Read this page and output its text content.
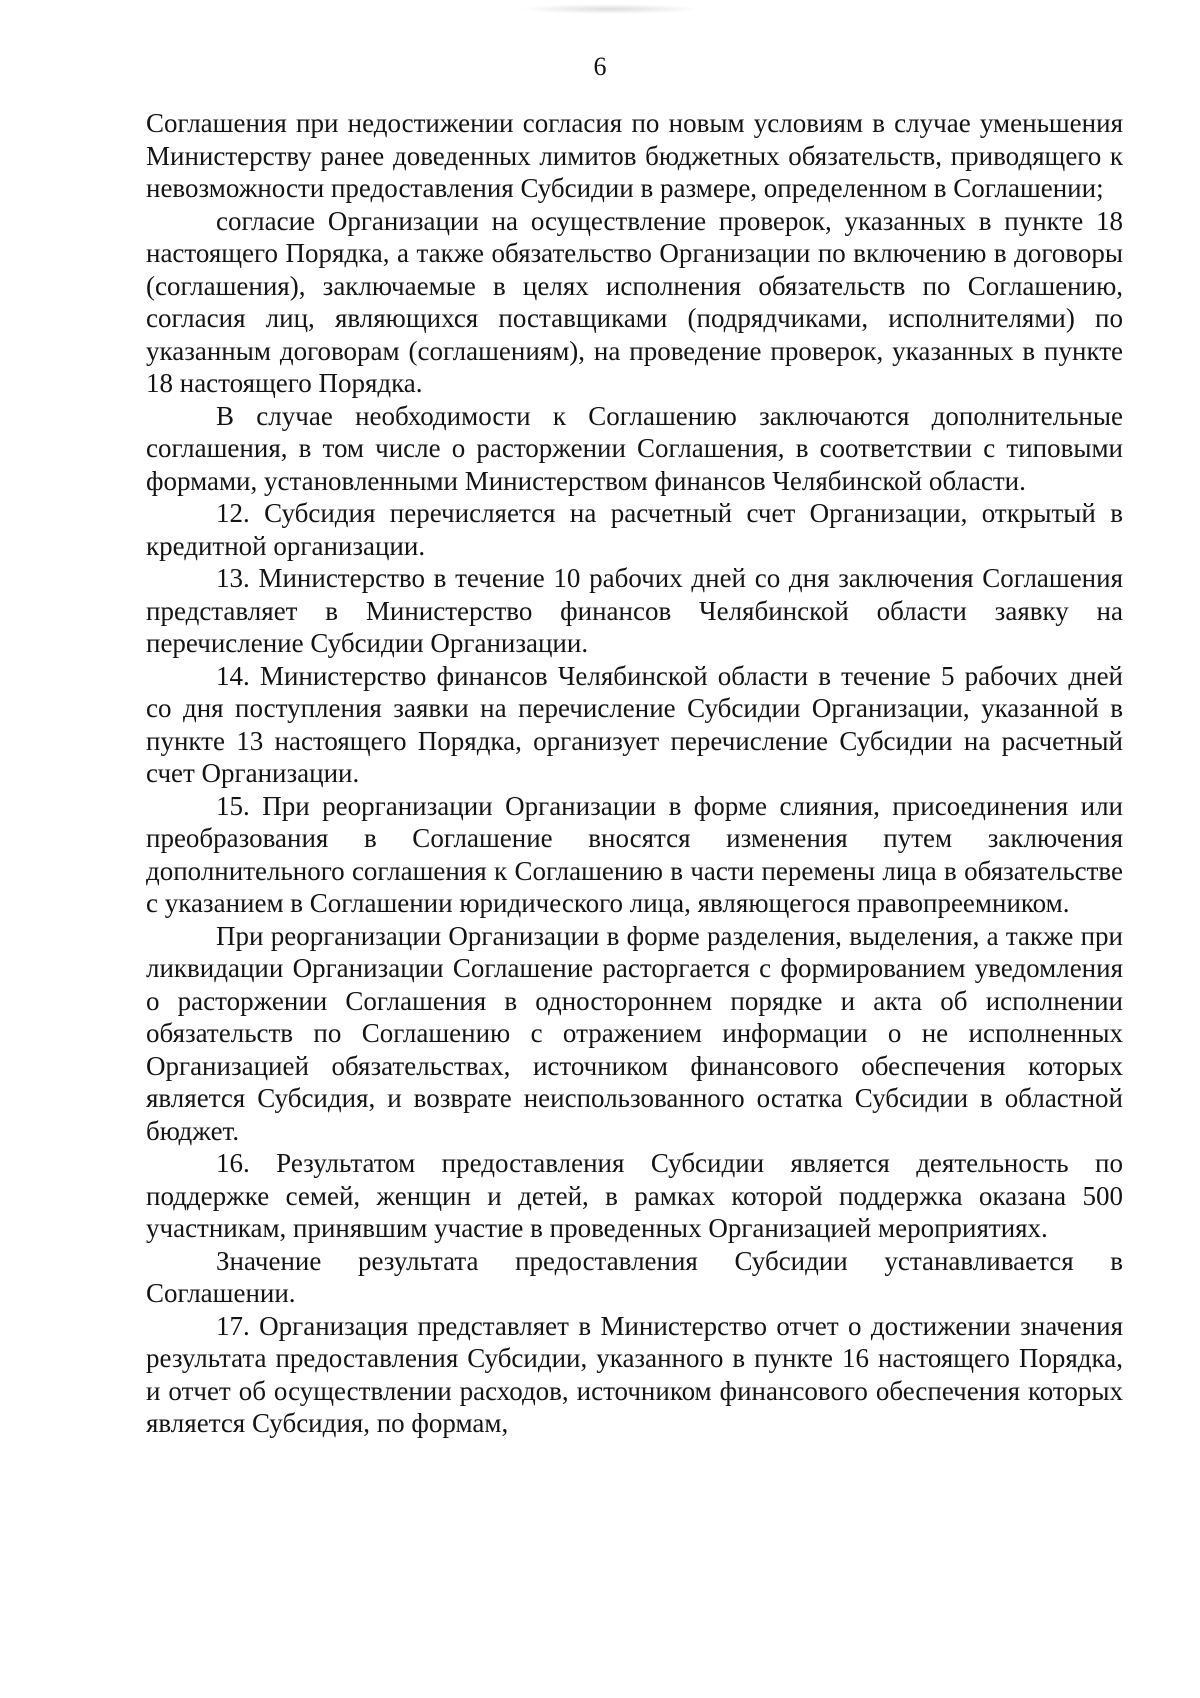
6

Соглашения при недостижении согласия по новым условиям в случае уменьшения Министерству ранее доведенных лимитов бюджетных обязательств, приводящего к невозможности предоставления Субсидии в размере, определенном в Соглашении;

согласие Организации на осуществление проверок, указанных в пункте 18 настоящего Порядка, а также обязательство Организации по включению в договоры (соглашения), заключаемые в целях исполнения обязательств по Соглашению, согласия лиц, являющихся поставщиками (подрядчиками, исполнителями) по указанным договорам (соглашениям), на проведение проверок, указанных в пункте 18 настоящего Порядка.

В случае необходимости к Соглашению заключаются дополнительные соглашения, в том числе о расторжении Соглашения, в соответствии с типовыми формами, установленными Министерством финансов Челябинской области.

12. Субсидия перечисляется на расчетный счет Организации, открытый в кредитной организации.

13. Министерство в течение 10 рабочих дней со дня заключения Соглашения представляет в Министерство финансов Челябинской области заявку на перечисление Субсидии Организации.

14. Министерство финансов Челябинской области в течение 5 рабочих дней со дня поступления заявки на перечисление Субсидии Организации, указанной в пункте 13 настоящего Порядка, организует перечисление Субсидии на расчетный счет Организации.

15. При реорганизации Организации в форме слияния, присоединения или преобразования в Соглашение вносятся изменения путем заключения дополнительного соглашения к Соглашению в части перемены лица в обязательстве с указанием в Соглашении юридического лица, являющегося правопреемником.

При реорганизации Организации в форме разделения, выделения, а также при ликвидации Организации Соглашение расторгается с формированием уведомления о расторжении Соглашения в одностороннем порядке и акта об исполнении обязательств по Соглашению с отражением информации о не исполненных Организацией обязательствах, источником финансового обеспечения которых является Субсидия, и возврате неиспользованного остатка Субсидии в областной бюджет.

16. Результатом предоставления Субсидии является деятельность по поддержке семей, женщин и детей, в рамках которой поддержка оказана 500 участникам, принявшим участие в проведенных Организацией мероприятиях.

Значение результата предоставления Субсидии устанавливается в Соглашении.

17. Организация представляет в Министерство отчет о достижении значения результата предоставления Субсидии, указанного в пункте 16 настоящего Порядка, и отчет об осуществлении расходов, источником финансового обеспечения которых является Субсидия, по формам,
